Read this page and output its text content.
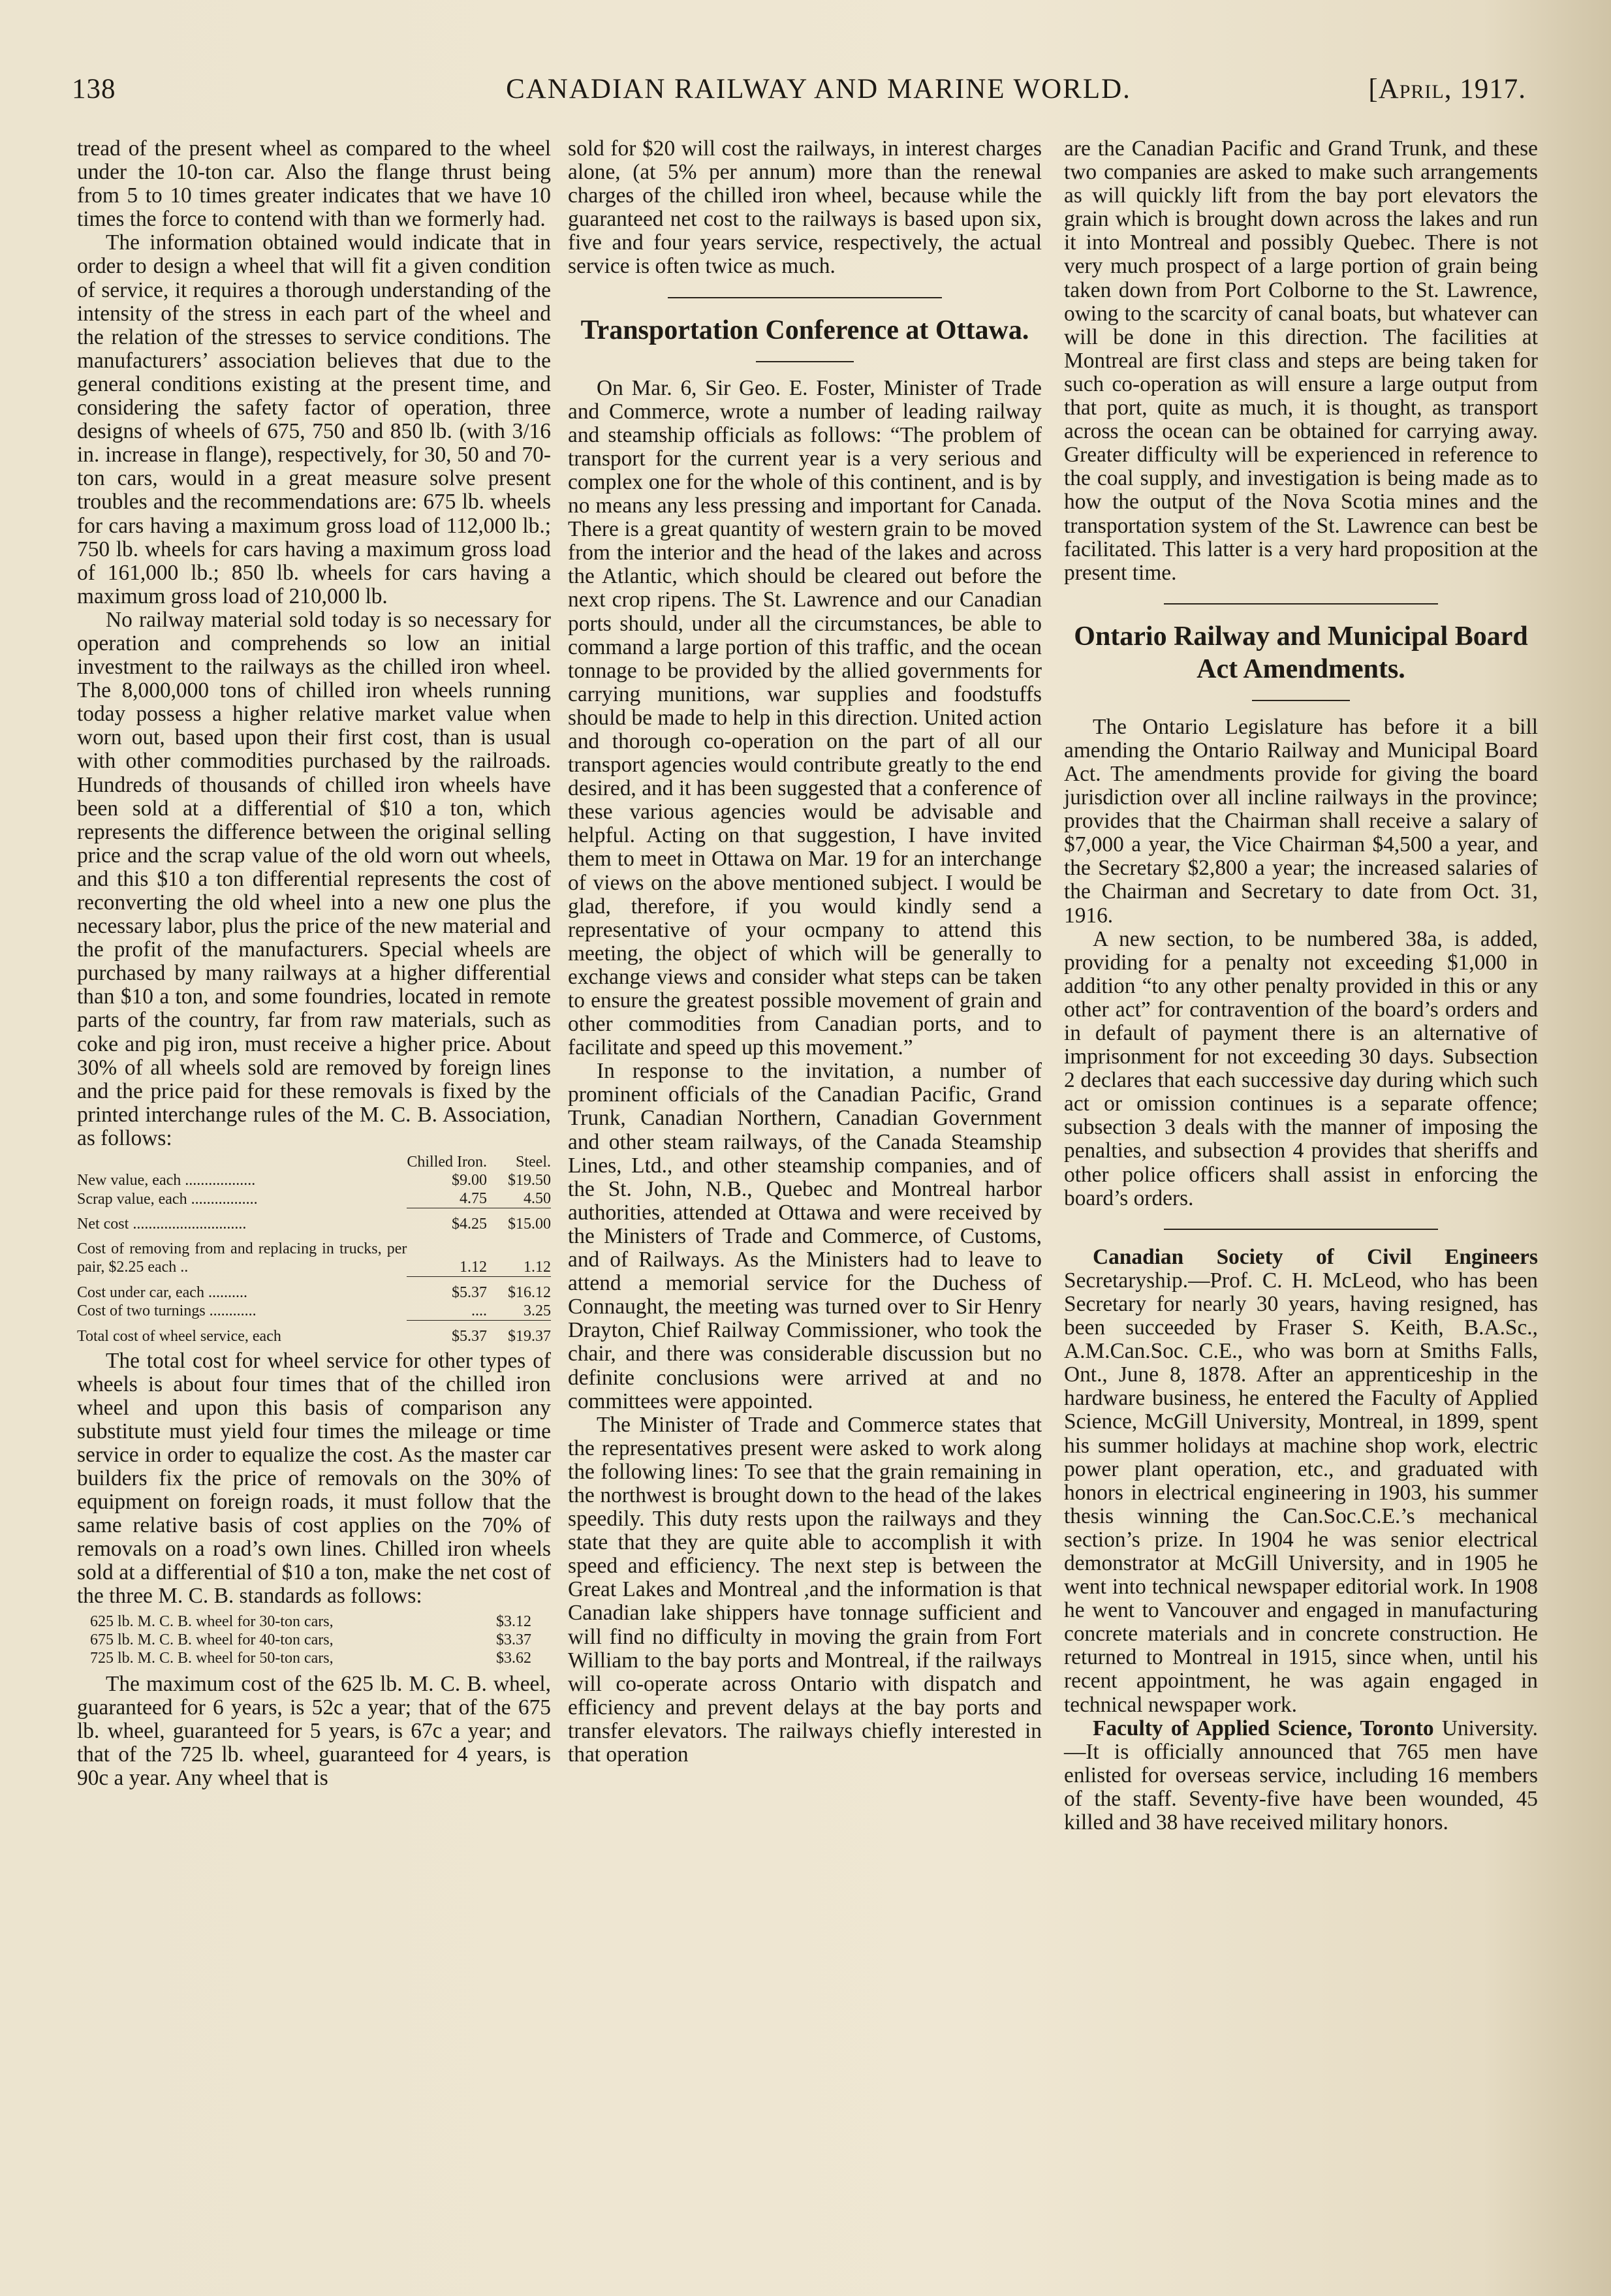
138	CANADIAN RAILWAY AND MARINE WORLD.	[April, 1917.

tread of the present wheel as compared to the wheel under the 10-ton car. Also the flange thrust being from 5 to 10 times greater indicates that we have 10 times the force to contend with than we formerly had.

The information obtained would indicate that in order to design a wheel that will fit a given condition of service, it requires a thorough understanding of the intensity of the stress in each part of the wheel and the relation of the stresses to service conditions. The manufacturers’ association believes that due to the general conditions existing at the present time, and considering the safety factor of operation, three designs of wheels of 675, 750 and 850 lb. (with 3/16 in. increase in flange), respectively, for 30, 50 and 70-ton cars, would in a great measure solve present troubles and the recommendations are: 675 lb. wheels for cars having a maximum gross load of 112,000 lb.; 750 lb. wheels for cars having a maximum gross load of 161,000 lb.; 850 lb. wheels for cars having a maximum gross load of 210,000 lb.

No railway material sold today is so necessary for operation and comprehends so low an initial investment to the railways as the chilled iron wheel. The 8,000,000 tons of chilled iron wheels running today possess a higher relative market value when worn out, based upon their first cost, than is usual with other commodities purchased by the railroads. Hundreds of thousands of chilled iron wheels have been sold at a differential of $10 a ton, which represents the difference between the original selling price and the scrap value of the old worn out wheels, and this $10 a ton differential represents the cost of reconverting the old wheel into a new one plus the necessary labor, plus the price of the new material and the profit of the manufacturers. Special wheels are purchased by many railways at a higher differential than $10 a ton, and some foundries, located in remote parts of the country, far from raw materials, such as coke and pig iron, must receive a higher price. About 30% of all wheels sold are removed by foreign lines and the price paid for these removals is fixed by the printed interchange rules of the M. C. B. Association, as follows:

	Chilled Iron.	Steel.
New value, each ..................	$9.00	$19.50
Scrap value, each .................	4.75	4.50
Net cost .............................	$4.25	$15.00
Cost of removing from and replacing in trucks, per pair, $2.25 each ..	1.12	1.12
Cost under car, each ..........	$5.37	$16.12
Cost of two turnings ............	....	3.25
Total cost of wheel service, each	$5.37	$19.37

The total cost for wheel service for other types of wheels is about four times that of the chilled iron wheel and upon this basis of comparison any substitute must yield four times the mileage or time service in order to equalize the cost. As the master car builders fix the price of removals on the 30% of equipment on foreign roads, it must follow that the same relative basis of cost applies on the 70% of removals on a road’s own lines. Chilled iron wheels sold at a differential of $10 a ton, make the net cost of the three M. C. B. standards as follows:

625 lb. M. C. B. wheel for 30-ton cars,	$3.12
675 lb. M. C. B. wheel for 40-ton cars,	$3.37
725 lb. M. C. B. wheel for 50-ton cars,	$3.62

The maximum cost of the 625 lb. M. C. B. wheel, guaranteed for 6 years, is 52c a year; that of the 675 lb. wheel, guaranteed for 5 years, is 67c a year; and that of the 725 lb. wheel, guaranteed for 4 years, is 90c a year. Any wheel that is

sold for $20 will cost the railways, in interest charges alone, (at 5% per annum) more than the renewal charges of the chilled iron wheel, because while the guaranteed net cost to the railways is based upon six, five and four years service, respectively, the actual service is often twice as much.

Transportation Conference at Ottawa.

On Mar. 6, Sir Geo. E. Foster, Minister of Trade and Commerce, wrote a number of leading railway and steamship officials as follows: “The problem of transport for the current year is a very serious and complex one for the whole of this continent, and is by no means any less pressing and important for Canada. There is a great quantity of western grain to be moved from the interior and the head of the lakes and across the Atlantic, which should be cleared out before the next crop ripens. The St. Lawrence and our Canadian ports should, under all the circumstances, be able to command a large portion of this traffic, and the ocean tonnage to be provided by the allied governments for carrying munitions, war supplies and foodstuffs should be made to help in this direction. United action and thorough co-operation on the part of all our transport agencies would contribute greatly to the end desired, and it has been suggested that a conference of these various agencies would be advisable and helpful. Acting on that suggestion, I have invited them to meet in Ottawa on Mar. 19 for an interchange of views on the above mentioned subject. I would be glad, therefore, if you would kindly send a representative of your ocmpany to attend this meeting, the object of which will be generally to exchange views and consider what steps can be taken to ensure the greatest possible movement of grain and other commodities from Canadian ports, and to facilitate and speed up this movement.”

In response to the invitation, a number of prominent officials of the Canadian Pacific, Grand Trunk, Canadian Northern, Canadian Government and other steam railways, of the Canada Steamship Lines, Ltd., and other steamship companies, and of the St. John, N.B., Quebec and Montreal harbor authorities, attended at Ottawa and were received by the Ministers of Trade and Commerce, of Customs, and of Railways. As the Ministers had to leave to attend a memorial service for the Duchess of Connaught, the meeting was turned over to Sir Henry Drayton, Chief Railway Commissioner, who took the chair, and there was considerable discussion but no definite conclusions were arrived at and no committees were appointed.

The Minister of Trade and Commerce states that the representatives present were asked to work along the following lines: To see that the grain remaining in the northwest is brought down to the head of the lakes speedily. This duty rests upon the railways and they state that they are quite able to accomplish it with speed and efficiency. The next step is between the Great Lakes and Montreal ,and the information is that Canadian lake shippers have tonnage sufficient and will find no difficulty in moving the grain from Fort William to the bay ports and Montreal, if the railways will co-operate across Ontario with dispatch and efficiency and prevent delays at the bay ports and transfer elevators. The railways chiefly interested in that operation

are the Canadian Pacific and Grand Trunk, and these two companies are asked to make such arrangements as will quickly lift from the bay port elevators the grain which is brought down across the lakes and run it into Montreal and possibly Quebec. There is not very much prospect of a large portion of grain being taken down from Port Colborne to the St. Lawrence, owing to the scarcity of canal boats, but whatever can will be done in this direction. The facilities at Montreal are first class and steps are being taken for such co-operation as will ensure a large output from that port, quite as much, it is thought, as transport across the ocean can be obtained for carrying away. Greater difficulty will be experienced in reference to the coal supply, and investigation is being made as to how the output of the Nova Scotia mines and the transportation system of the St. Lawrence can best be facilitated. This latter is a very hard proposition at the present time.

Ontario Railway and Municipal Board Act Amendments.

The Ontario Legislature has before it a bill amending the Ontario Railway and Municipal Board Act. The amendments provide for giving the board jurisdiction over all incline railways in the province; provides that the Chairman shall receive a salary of $7,000 a year, the Vice Chairman $4,500 a year, and the Secretary $2,800 a year; the increased salaries of the Chairman and Secretary to date from Oct. 31, 1916.

A new section, to be numbered 38a, is added, providing for a penalty not exceeding $1,000 in addition “to any other penalty provided in this or any other act” for contravention of the board’s orders and in default of payment there is an alternative of imprisonment for not exceeding 30 days. Subsection 2 declares that each successive day during which such act or omission continues is a separate offence; subsection 3 deals with the manner of imposing the penalties, and subsection 4 provides that sheriffs and other police officers shall assist in enforcing the board’s orders.

Canadian Society of Civil Engineers Secretaryship.—Prof. C. H. McLeod, who has been Secretary for nearly 30 years, having resigned, has been succeeded by Fraser S. Keith, B.A.Sc., A.M.Can.Soc. C.E., who was born at Smiths Falls, Ont., June 8, 1878. After an apprenticeship in the hardware business, he entered the Faculty of Applied Science, McGill University, Montreal, in 1899, spent his summer holidays at machine shop work, electric power plant operation, etc., and graduated with honors in electrical engineering in 1903, his summer thesis winning the Can.Soc.C.E.’s mechanical section’s prize. In 1904 he was senior electrical demonstrator at McGill University, and in 1905 he went into technical newspaper editorial work. In 1908 he went to Vancouver and engaged in manufacturing concrete materials and in concrete construction. He returned to Montreal in 1915, since when, until his recent appointment, he was again engaged in technical newspaper work.

Faculty of Applied Science, Toronto University.—It is officially announced that 765 men have enlisted for overseas service, including 16 members of the staff. Seventy-five have been wounded, 45 killed and 38 have received military honors.
